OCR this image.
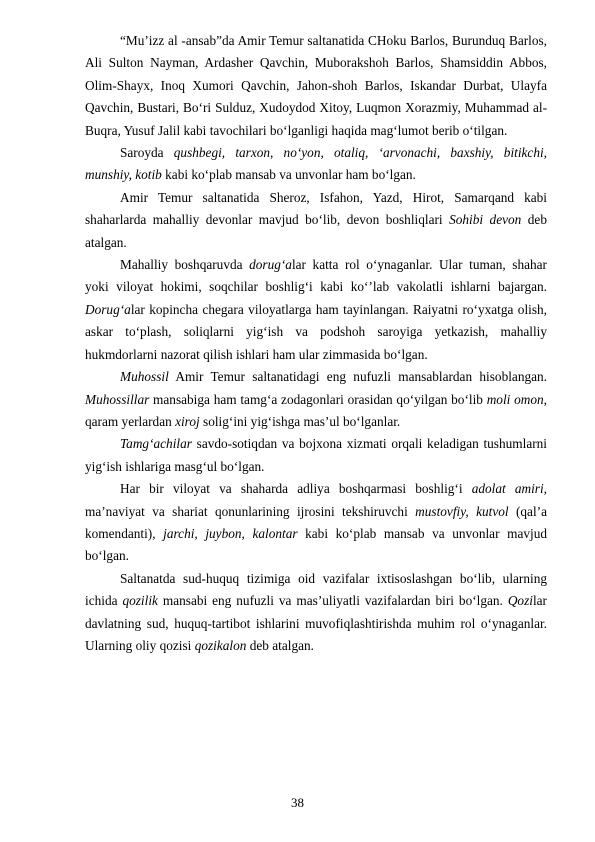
“Mu’izz al -ansab”da Amir Temur saltanatida CHoku Barlos, Burunduq Barlos, Ali Sulton Nayman, Ardasher Qavchin, Muborakshoh Barlos, Shamsiddin Abbos, Olim-Shayx, Inoq Xumori Qavchin, Jahon-shoh Barlos, Iskandar Durbat, Ulayfa Qavchin, Bustari, Bo‘ri Sulduz, Xudoydod Xitoy, Luqmon Xorazmiy, Muhammad al-Buqra, Yusuf Jalil kabi tavochilari bo‘lganligi haqida mag‘lumot berib o‘tilgan.
Saroyda qushbegi, tarxon, no‘yon, otaliq, ‘arvonachi, baxshiy, bitikchi, munshiy, kotib kabi ko‘plab mansab va unvonlar ham bo‘lgan.
Amir Temur saltanatida Sheroz, Isfahon, Yazd, Hirot, Samarqand kabi shaharlarda mahalliy devonlar mavjud bo‘lib, devon boshliqlari Sohibi devon deb atalgan.
Mahalliy boshqaruvda dorug‘alar katta rol o‘ynaganlar. Ular tuman, shahar yoki viloyat hokimi, soqchilar boshlig‘i kabi ko‘’lab vakolatli ishlarni bajargan. Dorug‘alar kopincha chegara viloyatlarga ham tayinlangan. Raiyatni ro‘yxatga olish, askar to‘plash, soliqlarni yig‘ish va podshoh saroyiga yetkazish, mahalliy hukmdorlarni nazorat qilish ishlari ham ular zimmasida bo‘lgan.
Muhossil Amir Temur saltanatidagi eng nufuzli mansablardan hisoblangan. Muhossillar mansabiga ham tamg‘a zodagonlari orasidan qo‘yilgan bo‘lib moli omon, qaram yerlardan xiroj solig‘ini yig‘ishga mas’ul bo‘lganlar.
Tamg‘achilar savdo-sotiqdan va bojxona xizmati orqali keladigan tushumlarni yig‘ish ishlariga masg‘ul bo‘lgan.
Har bir viloyat va shaharda adliya boshqarmasi boshlig‘i adolat amiri, ma’naviyat va shariat qonunlarining ijrosini tekshiruvchi mustovfiy, kutvol (qal’a komendanti), jarchi, juybon, kalontar kabi ko‘plab mansab va unvonlar mavjud bo‘lgan.
Saltanatda sud-huquq tizimiga oid vazifalar ixtisoslashgan bo‘lib, ularning ichida qozilik mansabi eng nufuzli va mas’uliyatli vazifalardan biri bo‘lgan. Qozilar davlatning sud, huquq-tartibot ishlarini muvofiqlashtirishda muhim rol o‘ynaganlar. Ularning oliy qozisi qozikalon deb atalgan.
38
